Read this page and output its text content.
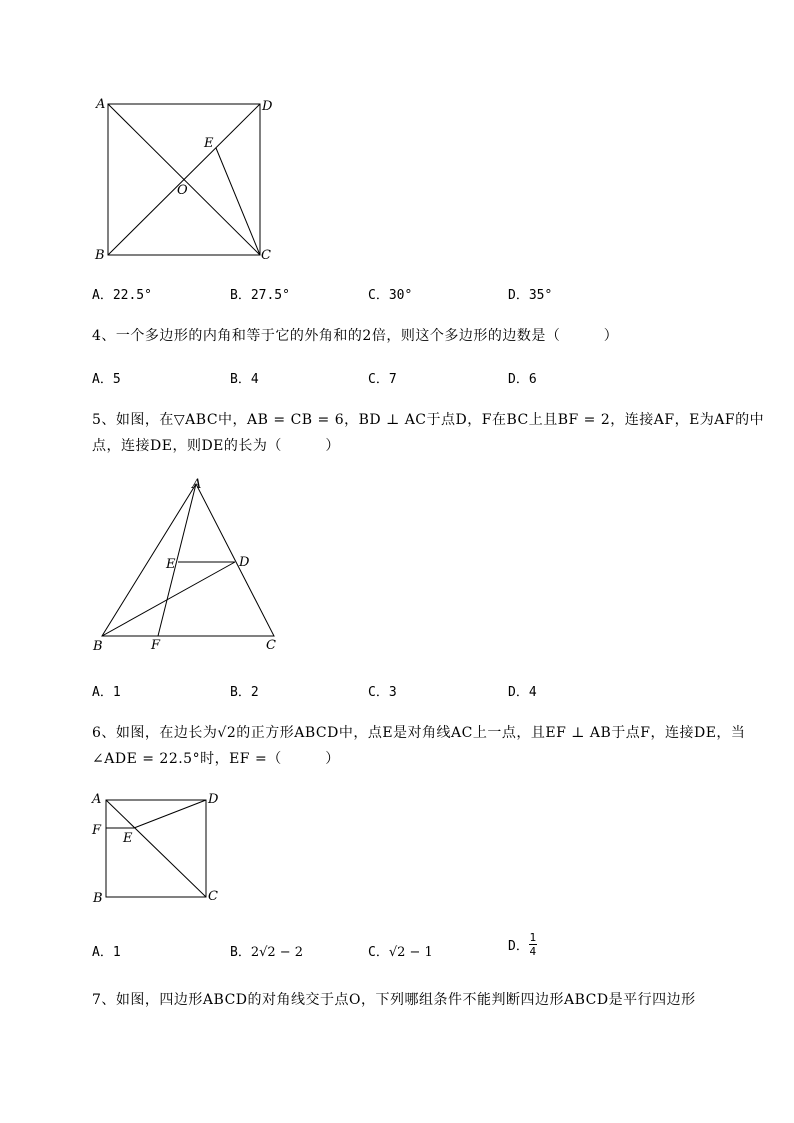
A	D
E
O
B	C
A．22.5°	B．27.5°	C．30°	D．35°
4、一个多边形的内角和等于它的外角和的2倍，则这个多边形的边数是（　　　）
A．5	B．4	C．7	D．6
5、如图，在▽ABC中，AB = CB = 6，BD ⊥ AC于点D，F在BC上且BF = 2，连接AF，E为AF的中
点，连接DE，则DE的长为（　　　）
A
E	D
B	F	C
A．1	B．2	C．3	D．4
6、如图，在边长为√2的正方形ABCD中，点E是对角线AC上一点，且EF ⊥ AB于点F，连接DE，当
∠ADE = 22.5°时，EF =（　　　）
A	D
F
E
B	C
A．1	B．2√2 − 2	C．√2 − 1	D． $\frac{1}{4}$
7、如图，四边形ABCD的对角线交于点O，下列哪组条件不能判断四边形ABCD是平行四边形
